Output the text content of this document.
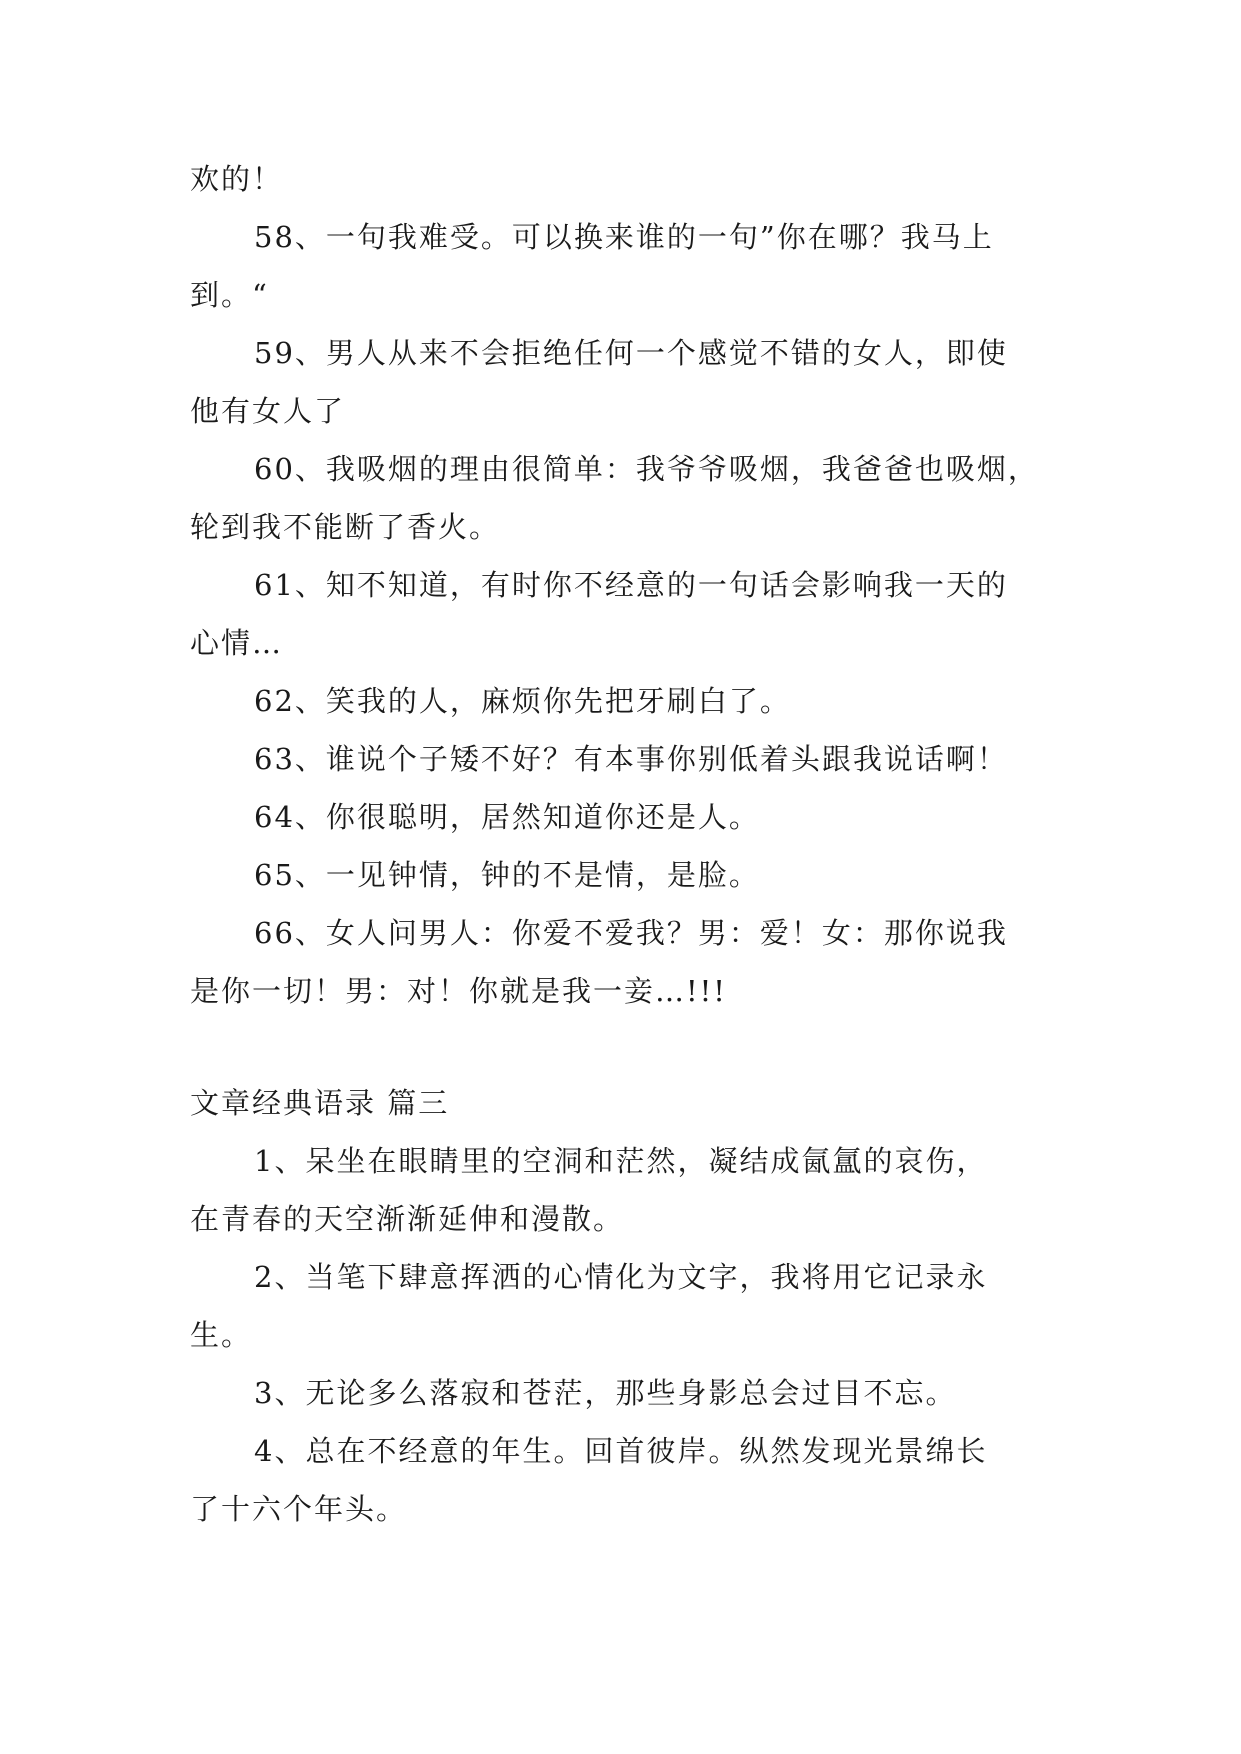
欢的！
58、一句我难受。可以换来谁的一句”你在哪？我马上
到。“
59、男人从来不会拒绝任何一个感觉不错的女人，即使
他有女人了
60、我吸烟的理由很简单：我爷爷吸烟，我爸爸也吸烟，
轮到我不能断了香火。
61、知不知道，有时你不经意的一句话会影响我一天的
心情…
62、笑我的人，麻烦你先把牙刷白了。
63、谁说个子矮不好？有本事你别低着头跟我说话啊！
64、你很聪明，居然知道你还是人。
65、一见钟情，钟的不是情，是脸。
66、女人问男人：你爱不爱我？男：爱！女：那你说我
是你一切！男：对！你就是我一妾…!!!
文章经典语录 篇三
1、呆坐在眼睛里的空洞和茫然，凝结成氤氲的哀伤，
在青春的天空渐渐延伸和漫散。
2、当笔下肆意挥洒的心情化为文字，我将用它记录永
生。
3、无论多么落寂和苍茫，那些身影总会过目不忘。
4、总在不经意的年生。回首彼岸。纵然发现光景绵长
了十六个年头。
